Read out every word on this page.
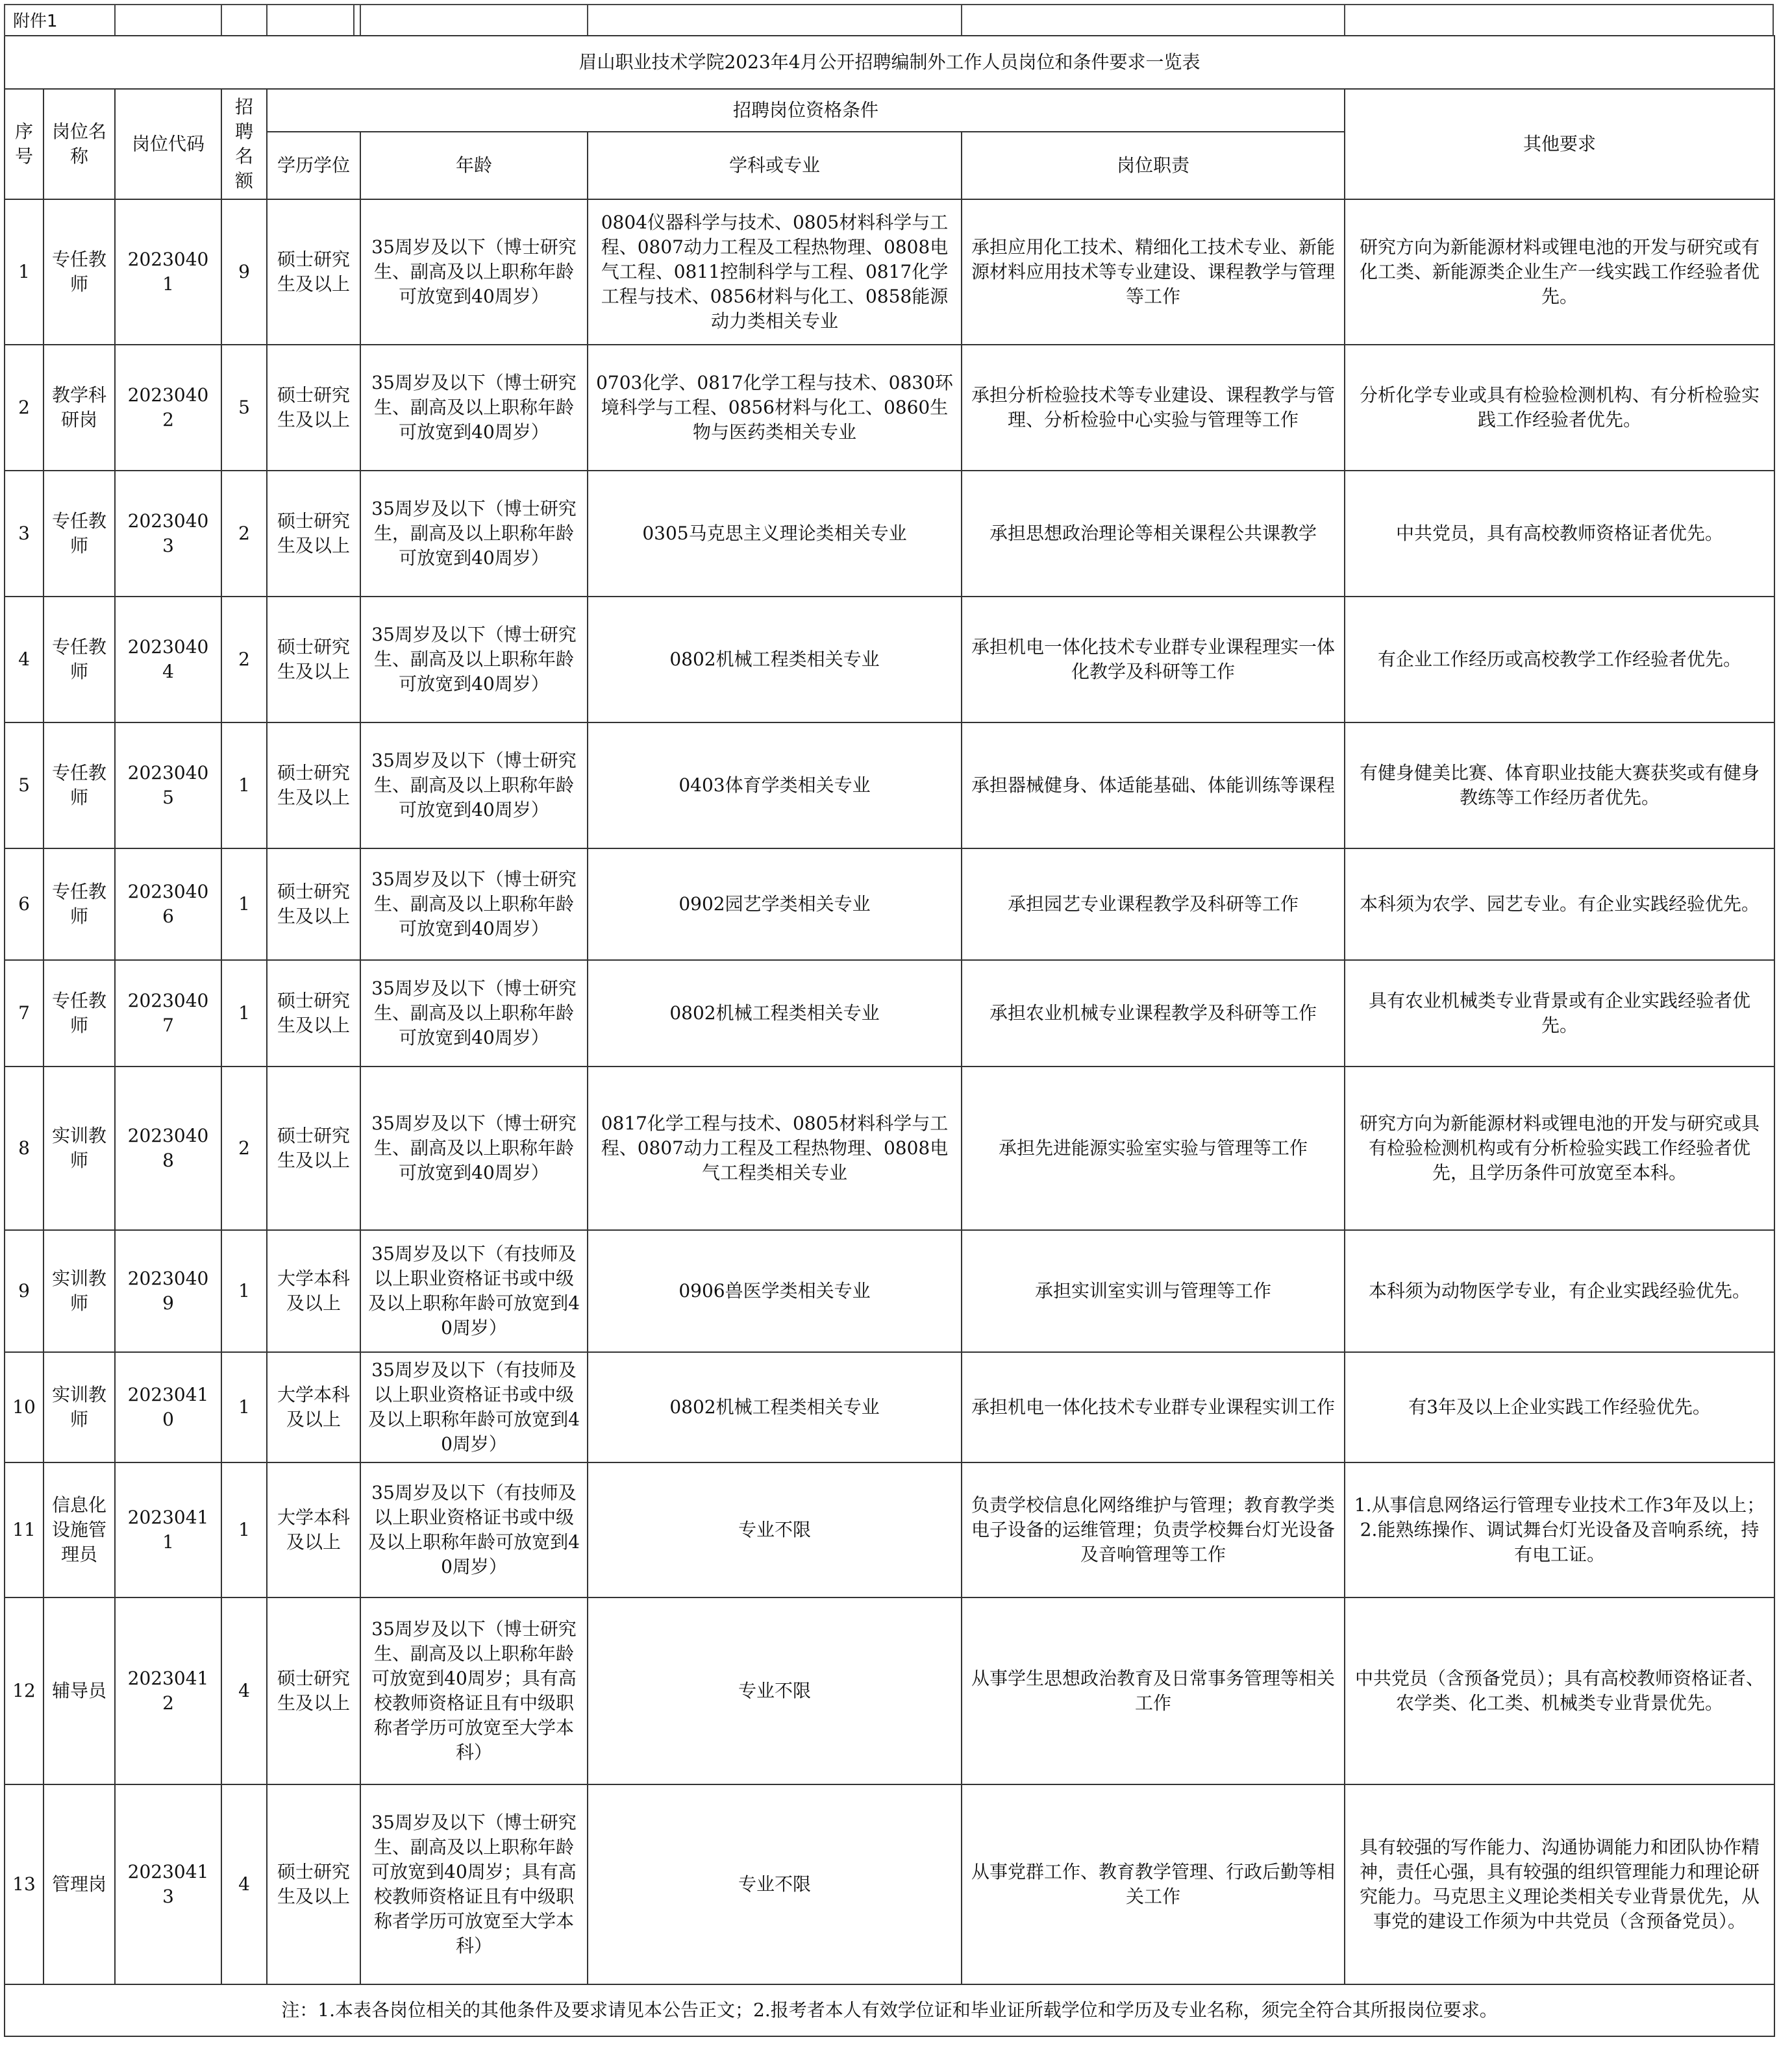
附件1
眉山职业技术学院2023年4月公开招聘编制外工作人员岗位和条件要求一览表								
序号	岗位名称	岗位代码	招聘名额	招聘岗位资格条件				其他要求
				学历学位	年龄	学科或专业	岗位职责	
1	专任教师	20230401	9	硕士研究生及以上	35周岁及以下（博士研究生、副高及以上职称年龄可放宽到40周岁）	0804仪器科学与技术、0805材料科学与工程、0807动力工程及工程热物理、0808电气工程、0811控制科学与工程、0817化学工程与技术、0856材料与化工、0858能源动力类相关专业	承担应用化工技术、精细化工技术专业、新能源材料应用技术等专业建设、课程教学与管理等工作	研究方向为新能源材料或锂电池的开发与研究或有化工类、新能源类企业生产一线实践工作经验者优先。
2	教学科研岗	20230402	5	硕士研究生及以上	35周岁及以下（博士研究生、副高及以上职称年龄可放宽到40周岁）	0703化学、0817化学工程与技术、0830环境科学与工程、0856材料与化工、0860生物与医药类相关专业	承担分析检验技术等专业建设、课程教学与管理、分析检验中心实验与管理等工作	分析化学专业或具有检验检测机构、有分析检验实践工作经验者优先。
3	专任教师	20230403	2	硕士研究生及以上	35周岁及以下（博士研究生，副高及以上职称年龄可放宽到40周岁）	0305马克思主义理论类相关专业	承担思想政治理论等相关课程公共课教学	中共党员，具有高校教师资格证者优先。
4	专任教师	20230404	2	硕士研究生及以上	35周岁及以下（博士研究生、副高及以上职称年龄可放宽到40周岁）	0802机械工程类相关专业	承担机电一体化技术专业群专业课程理实一体化教学及科研等工作	有企业工作经历或高校教学工作经验者优先。
5	专任教师	20230405	1	硕士研究生及以上	35周岁及以下（博士研究生、副高及以上职称年龄可放宽到40周岁）	0403体育学类相关专业	承担器械健身、体适能基础、体能训练等课程	有健身健美比赛、体育职业技能大赛获奖或有健身教练等工作经历者优先。
6	专任教师	20230406	1	硕士研究生及以上	35周岁及以下（博士研究生、副高及以上职称年龄可放宽到40周岁）	0902园艺学类相关专业	承担园艺专业课程教学及科研等工作	本科须为农学、园艺专业。有企业实践经验优先。
7	专任教师	20230407	1	硕士研究生及以上	35周岁及以下（博士研究生、副高及以上职称年龄可放宽到40周岁）	0802机械工程类相关专业	承担农业机械专业课程教学及科研等工作	具有农业机械类专业背景或有企业实践经验者优先。
8	实训教师	20230408	2	硕士研究生及以上	35周岁及以下（博士研究生、副高及以上职称年龄可放宽到40周岁）	0817化学工程与技术、0805材料科学与工程、0807动力工程及工程热物理、0808电气工程类相关专业	承担先进能源实验室实验与管理等工作	研究方向为新能源材料或锂电池的开发与研究或具有检验检测机构或有分析检验实践工作经验者优先，且学历条件可放宽至本科。
9	实训教师	20230409	1	大学本科及以上	35周岁及以下（有技师及以上职业资格证书或中级及以上职称年龄可放宽到40周岁）	0906兽医学类相关专业	承担实训室实训与管理等工作	本科须为动物医学专业，有企业实践经验优先。
10	实训教师	20230410	1	大学本科及以上	35周岁及以下（有技师及以上职业资格证书或中级及以上职称年龄可放宽到40周岁）	0802机械工程类相关专业	承担机电一体化技术专业群专业课程实训工作	有3年及以上企业实践工作经验优先。
11	信息化设施管理员	20230411	1	大学本科及以上	35周岁及以下（有技师及以上职业资格证书或中级及以上职称年龄可放宽到40周岁）	专业不限	负责学校信息化网络维护与管理；教育教学类电子设备的运维管理；负责学校舞台灯光设备及音响管理等工作	1.从事信息网络运行管理专业技术工作3年及以上；2.能熟练操作、调试舞台灯光设备及音响系统，持有电工证。
12	辅导员	20230412	4	硕士研究生及以上	35周岁及以下（博士研究生、副高及以上职称年龄可放宽到40周岁；具有高校教师资格证且有中级职称者学历可放宽至大学本科）	专业不限	从事学生思想政治教育及日常事务管理等相关工作	中共党员（含预备党员）；具有高校教师资格证者、农学类、化工类、机械类专业背景优先。
13	管理岗	20230413	4	硕士研究生及以上	35周岁及以下（博士研究生、副高及以上职称年龄可放宽到40周岁；具有高校教师资格证且有中级职称者学历可放宽至大学本科）	专业不限	从事党群工作、教育教学管理、行政后勤等相关工作	具有较强的写作能力、沟通协调能力和团队协作精神，责任心强，具有较强的组织管理能力和理论研究能力。马克思主义理论类相关专业背景优先，从事党的建设工作须为中共党员（含预备党员）。
注：1.本表各岗位相关的其他条件及要求请见本公告正文；2.报考者本人有效学位证和毕业证所载学位和学历及专业名称，须完全符合其所报岗位要求。								
